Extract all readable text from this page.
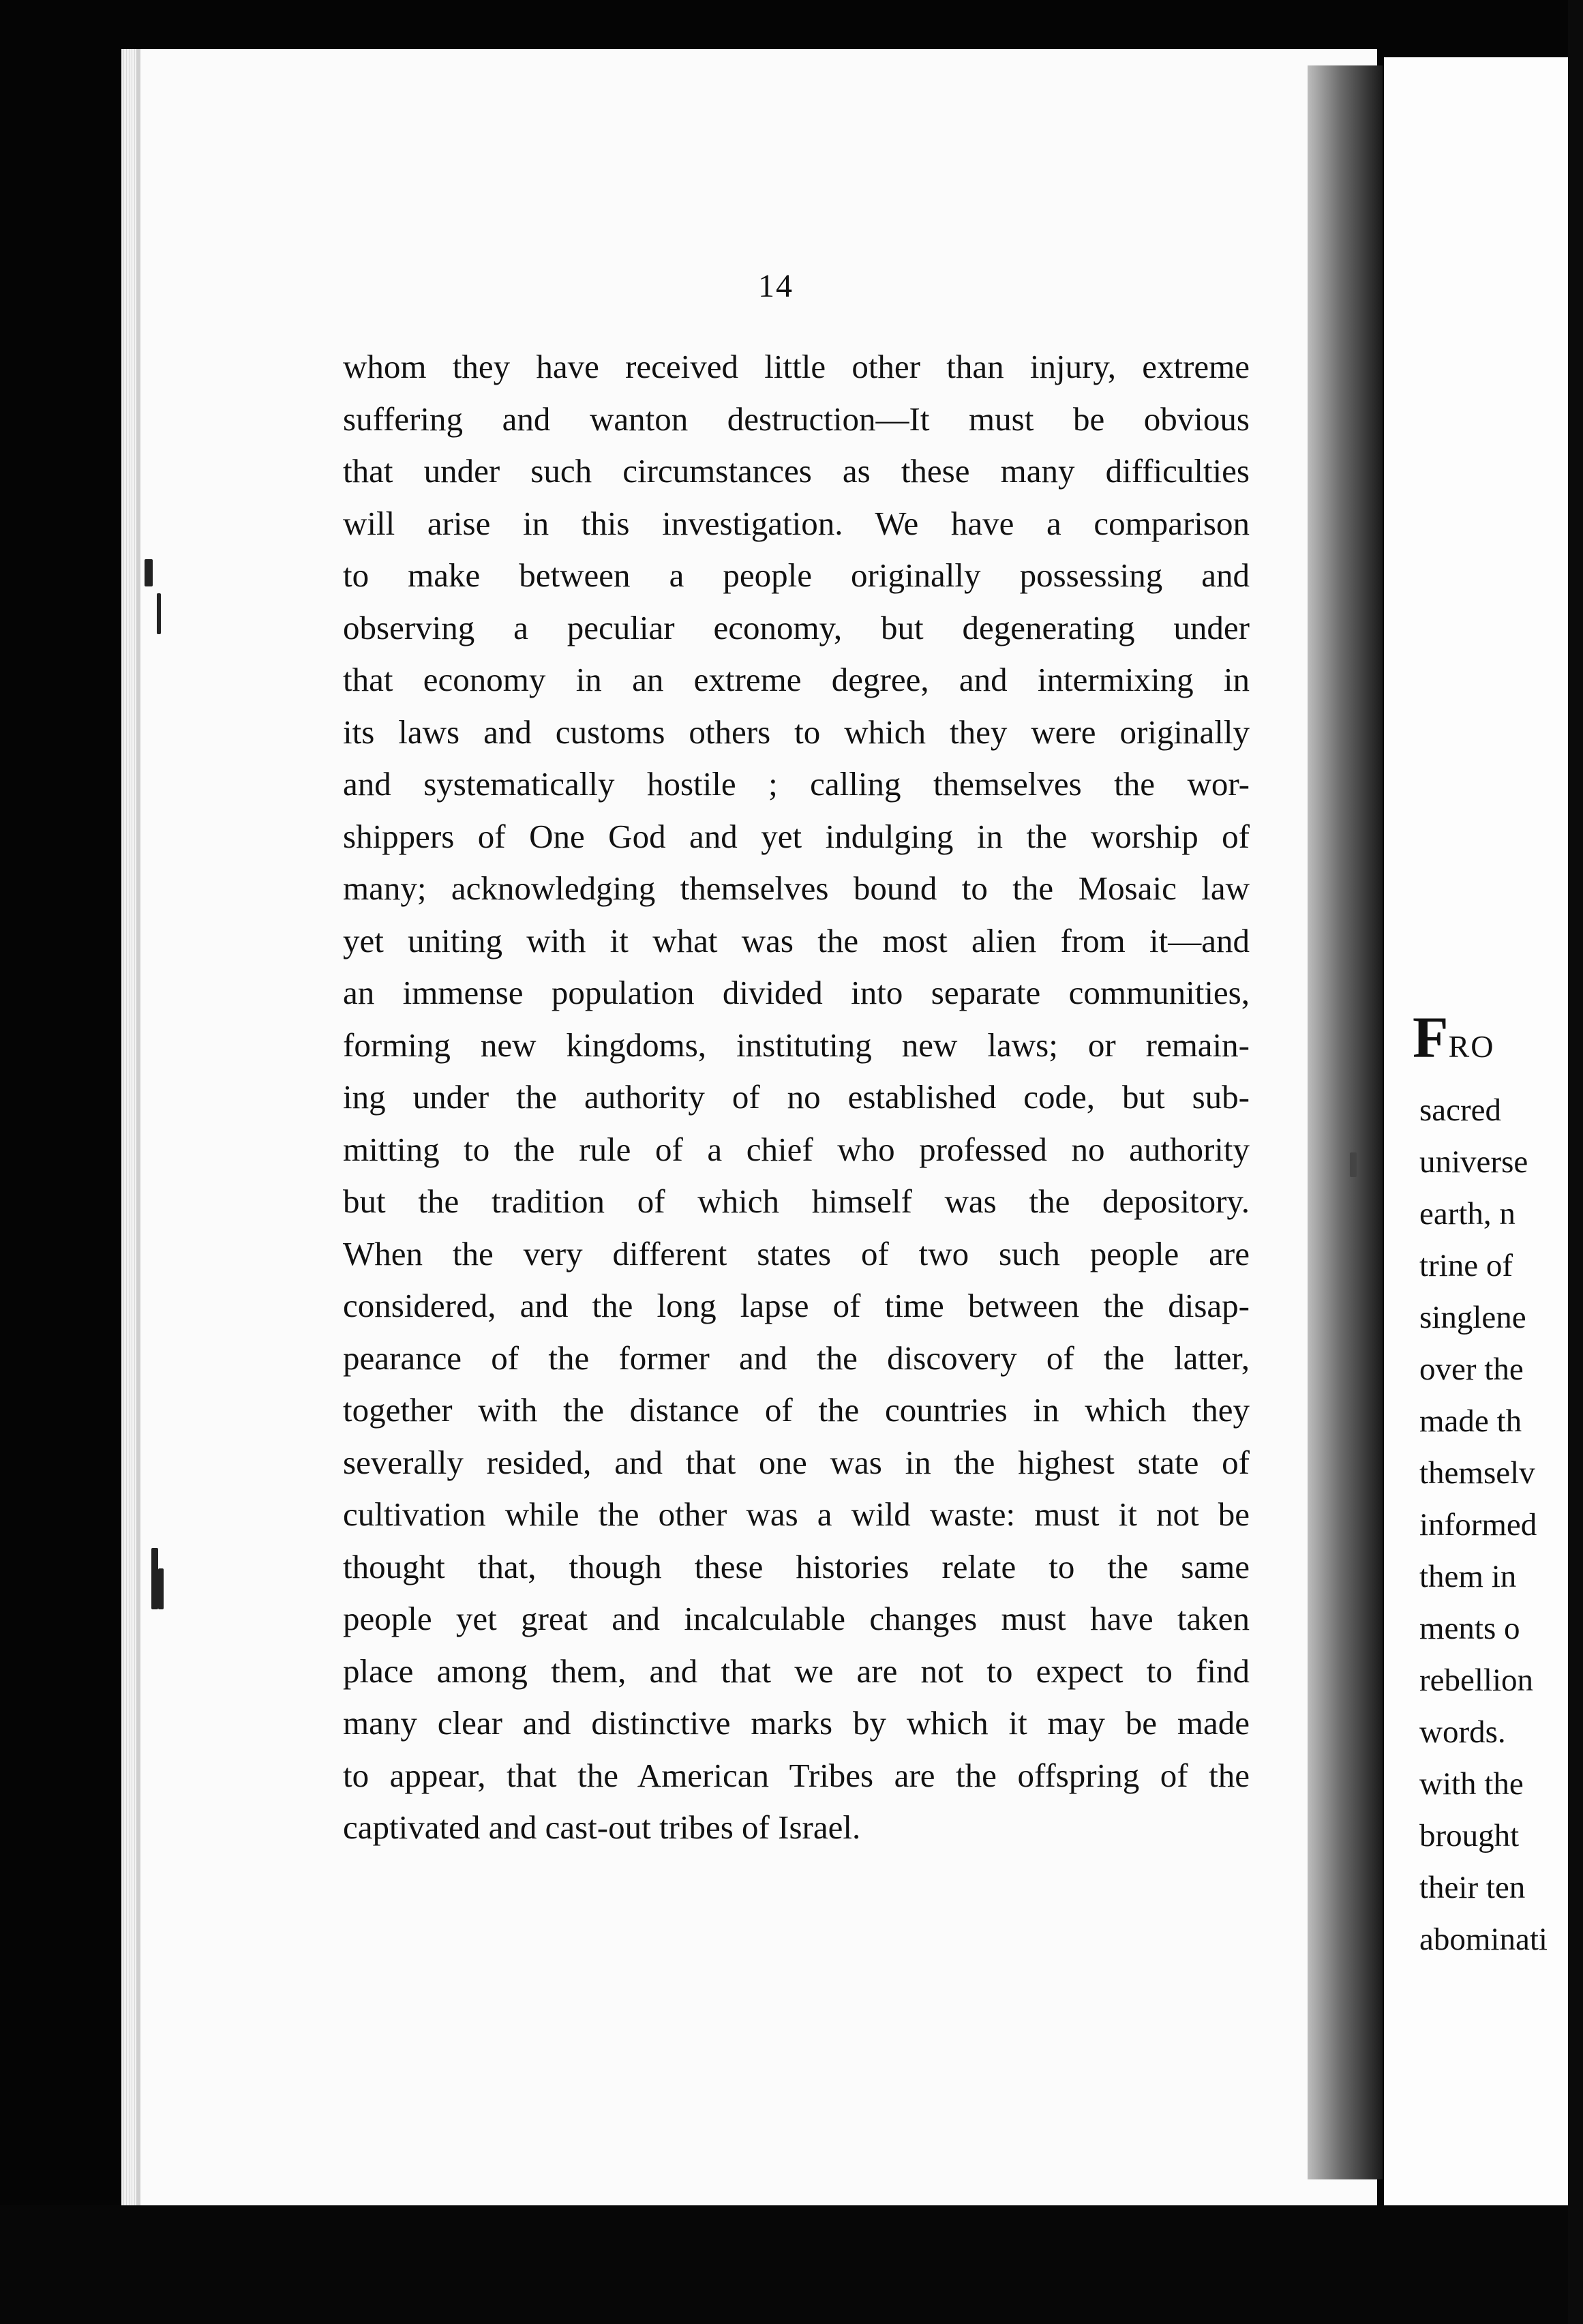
14
whom they have received little other than injury, extreme
suffering and wanton destruction—It must be obvious
that under such circumstances as these many difficulties
will arise in this investigation. We have a comparison
to make between a people originally possessing and
observing a peculiar economy, but degenerating under
that economy in an extreme degree, and intermixing in
its laws and customs others to which they were originally
and systematically hostile ; calling themselves the wor-
shippers of One God and yet indulging in the worship of
many; acknowledging themselves bound to the Mosaic law
yet uniting with it what was the most alien from it—and
an immense population divided into separate communities,
forming new kingdoms, instituting new laws; or remain-
ing under the authority of no established code, but sub-
mitting to the rule of a chief who professed no authority
but the tradition of which himself was the depository.
When the very different states of two such people are
considered, and the long lapse of time between the disap-
pearance of the former and the discovery of the latter,
together with the distance of the countries in which they
severally resided, and that one was in the highest state of
cultivation while the other was a wild waste: must it not be
thought that, though these histories relate to the same
people yet great and incalculable changes must have taken
place among them, and that we are not to expect to find
many clear and distinctive marks by which it may be made
to appear, that the American Tribes are the offspring of the
captivated and cast-out tribes of Israel.
FRO
sacred
universe
earth, n
trine of
singlene
over the
made th
themselv
informed
them in
ments o
rebellion
words.
with the
brought
their ten
abominati
